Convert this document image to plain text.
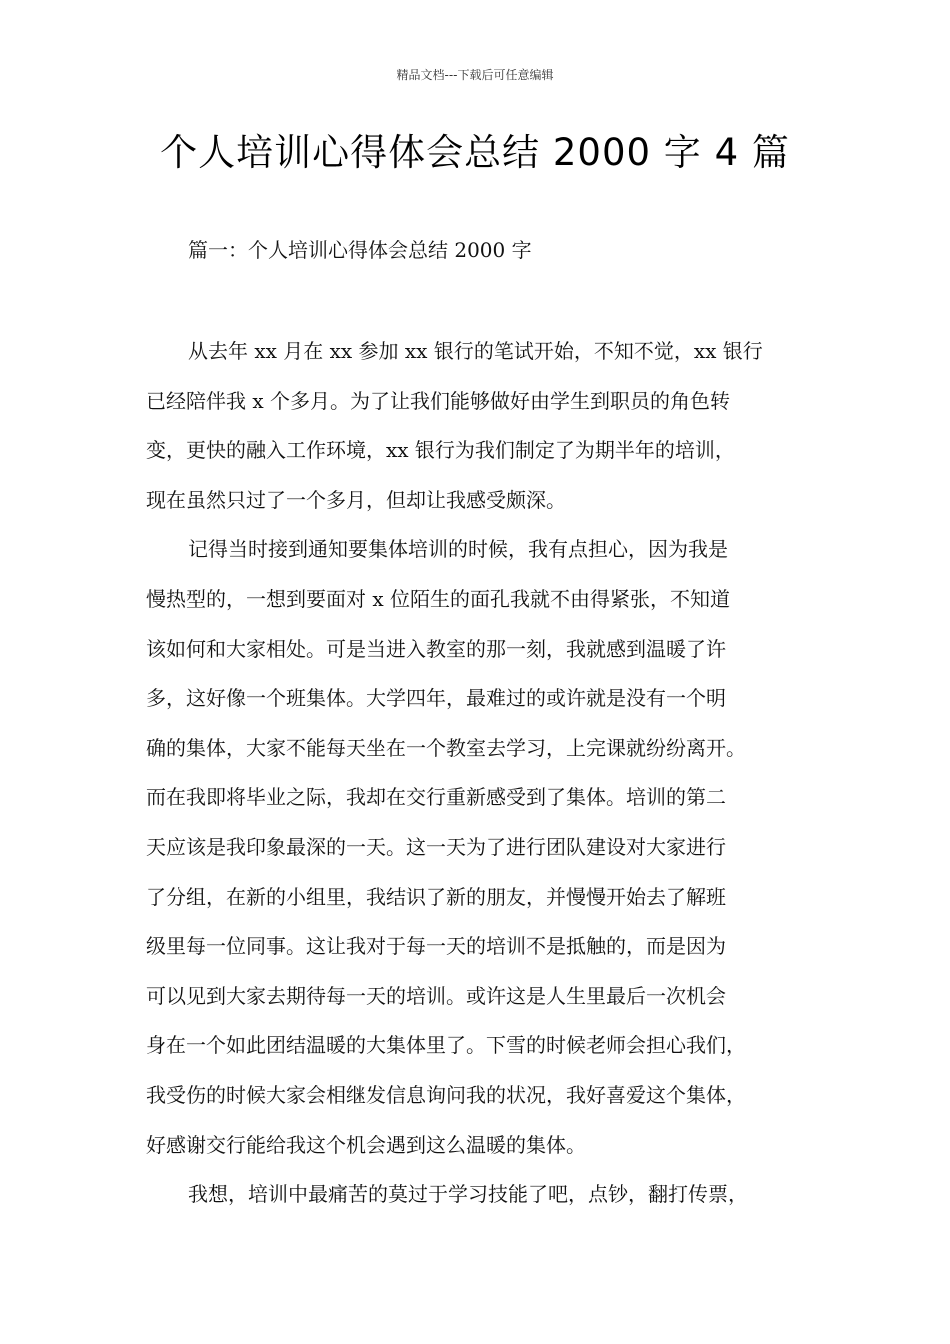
精品文档---下载后可任意编辑
个人培训心得体会总结 2000 字 4 篇
篇一：个人培训心得体会总结 2000 字
从去年 xx 月在 xx 参加 xx 银行的笔试开始，不知不觉，xx 银行
已经陪伴我 x 个多月。为了让我们能够做好由学生到职员的角色转
变，更快的融入工作环境，xx 银行为我们制定了为期半年的培训，
现在虽然只过了一个多月，但却让我感受颇深。
记得当时接到通知要集体培训的时候，我有点担心，因为我是
慢热型的，一想到要面对 x 位陌生的面孔我就不由得紧张，不知道
该如何和大家相处。可是当进入教室的那一刻，我就感到温暖了许
多，这好像一个班集体。大学四年，最难过的或许就是没有一个明
确的集体，大家不能每天坐在一个教室去学习，上完课就纷纷离开。
而在我即将毕业之际，我却在交行重新感受到了集体。培训的第二
天应该是我印象最深的一天。这一天为了进行团队建设对大家进行
了分组，在新的小组里，我结识了新的朋友，并慢慢开始去了解班
级里每一位同事。这让我对于每一天的培训不是抵触的，而是因为
可以见到大家去期待每一天的培训。或许这是人生里最后一次机会
身在一个如此团结温暖的大集体里了。下雪的时候老师会担心我们，
我受伤的时候大家会相继发信息询问我的状况，我好喜爱这个集体，
好感谢交行能给我这个机会遇到这么温暖的集体。
我想，培训中最痛苦的莫过于学习技能了吧，点钞，翻打传票，
